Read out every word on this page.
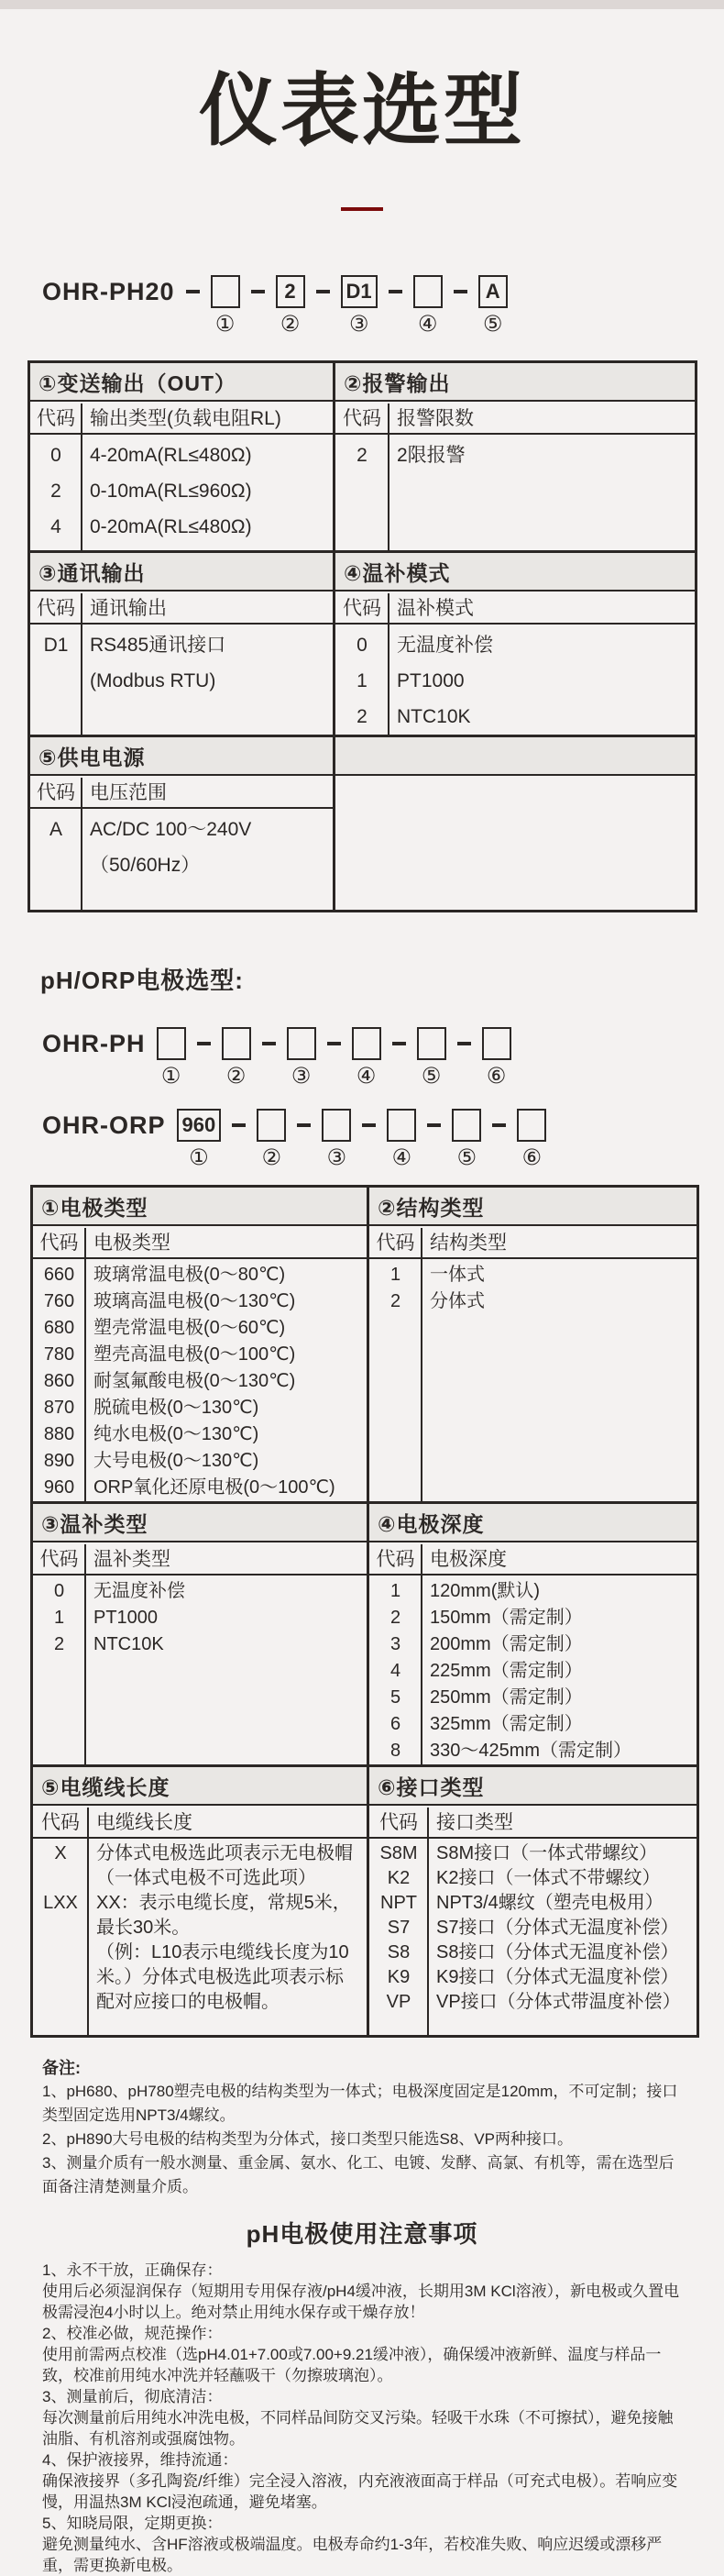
仪表选型
OHR-PH20
①
2
②
D1
③ ④
A
⑤
①变送输出（OUT）
代码 输出类型(负载电阻RL)
0	4-20mA(RL≤480Ω)
2	0-10mA(RL≤960Ω)
4	0-20mA(RL≤480Ω)
②报警输出
代码 报警限数
2	2限报警
③通讯输出
代码 通讯输出
D1	RS485通讯接口
(Modbus RTU)
④温补模式
代码 温补模式
0	无温度补偿
1	PT1000
2	NTC10K
⑤供电电源
代码 电压范围
A	AC/DC 100～240V
（50/60Hz）
pH/ORP电极选型:
OHR-PH
① ② ③ ④ ⑤ ⑥
OHR-ORP 960
① ② ③ ④ ⑤ ⑥
①电极类型
代码 电极类型
660	玻璃常温电极(0～80℃)
760	玻璃高温电极(0～130℃)
680	塑壳常温电极(0～60℃)
780	塑壳高温电极(0～100℃)
860	耐氢氟酸电极(0～130℃)
870	脱硫电极(0～130℃)
880	纯水电极(0～130℃)
890	大号电极(0～130℃)
960	ORP氧化还原电极(0～100℃)
②结构类型
代码 结构类型
1	一体式
2	分体式
③温补类型
代码 温补类型
0	无温度补偿
1	PT1000
2	NTC10K
④电极深度
代码 电极深度
1	120mm(默认)
2	150mm（需定制）
3	200mm（需定制）
4	225mm（需定制）
5	250mm（需定制）
6	325mm（需定制）
8	330～425mm（需定制）
⑤电缆线长度
代码 电缆线长度
X	分体式电极选此项表示无电极帽
（一体式电极不可选此项）
LXX	XX：表示电缆长度，常规5米，
最长30米。
（例：L10表示电缆线长度为10
米。）分体式电极选此项表示标
配对应接口的电极帽。
⑥接口类型
代码 接口类型
S8M	S8M接口（一体式带螺纹）
K2	K2接口（一体式不带螺纹）
NPT	NPT3/4螺纹（塑壳电极用）
S7	S7接口（分体式无温度补偿）
S8	S8接口（分体式无温度补偿）
K9	K9接口（分体式无温度补偿）
VP	VP接口（分体式带温度补偿）
备注:
1、pH680、pH780塑壳电极的结构类型为一体式；电极深度固定是120mm，不可定制；接口类型固定选用NPT3/4螺纹。
2、pH890大号电极的结构类型为分体式，接口类型只能选S8、VP两种接口。
3、测量介质有一般水测量、重金属、氨水、化工、电镀、发酵、高氯、有机等，需在选型后面备注清楚测量介质。
pH电极使用注意事项
1、永不干放，正确保存：
使用后必须湿润保存（短期用专用保存液/pH4缓冲液，长期用3M KCl溶液），新电极或久置电极需浸泡4小时以上。绝对禁止用纯水保存或干燥存放！
2、校准必做，规范操作：
使用前需两点校准（选pH4.01+7.00或7.00+9.21缓冲液），确保缓冲液新鲜、温度与样品一致，校准前用纯水冲洗并轻蘸吸干（勿擦玻璃泡）。
3、测量前后，彻底清洁：
每次测量前后用纯水冲洗电极，不同样品间防交叉污染。轻吸干水珠（不可擦拭），避免接触油脂、有机溶剂或强腐蚀物。
4、保护液接界，维持流通：
确保液接界（多孔陶瓷/纤维）完全浸入溶液，内充液液面高于样品（可充式电极）。若响应变慢，用温热3M KCl浸泡疏通，避免堵塞。
5、知晓局限，定期更换：
避免测量纯水、含HF溶液或极端温度。电极寿命约1-3年，若校准失败、响应迟缓或漂移严重，需更换新电极。
